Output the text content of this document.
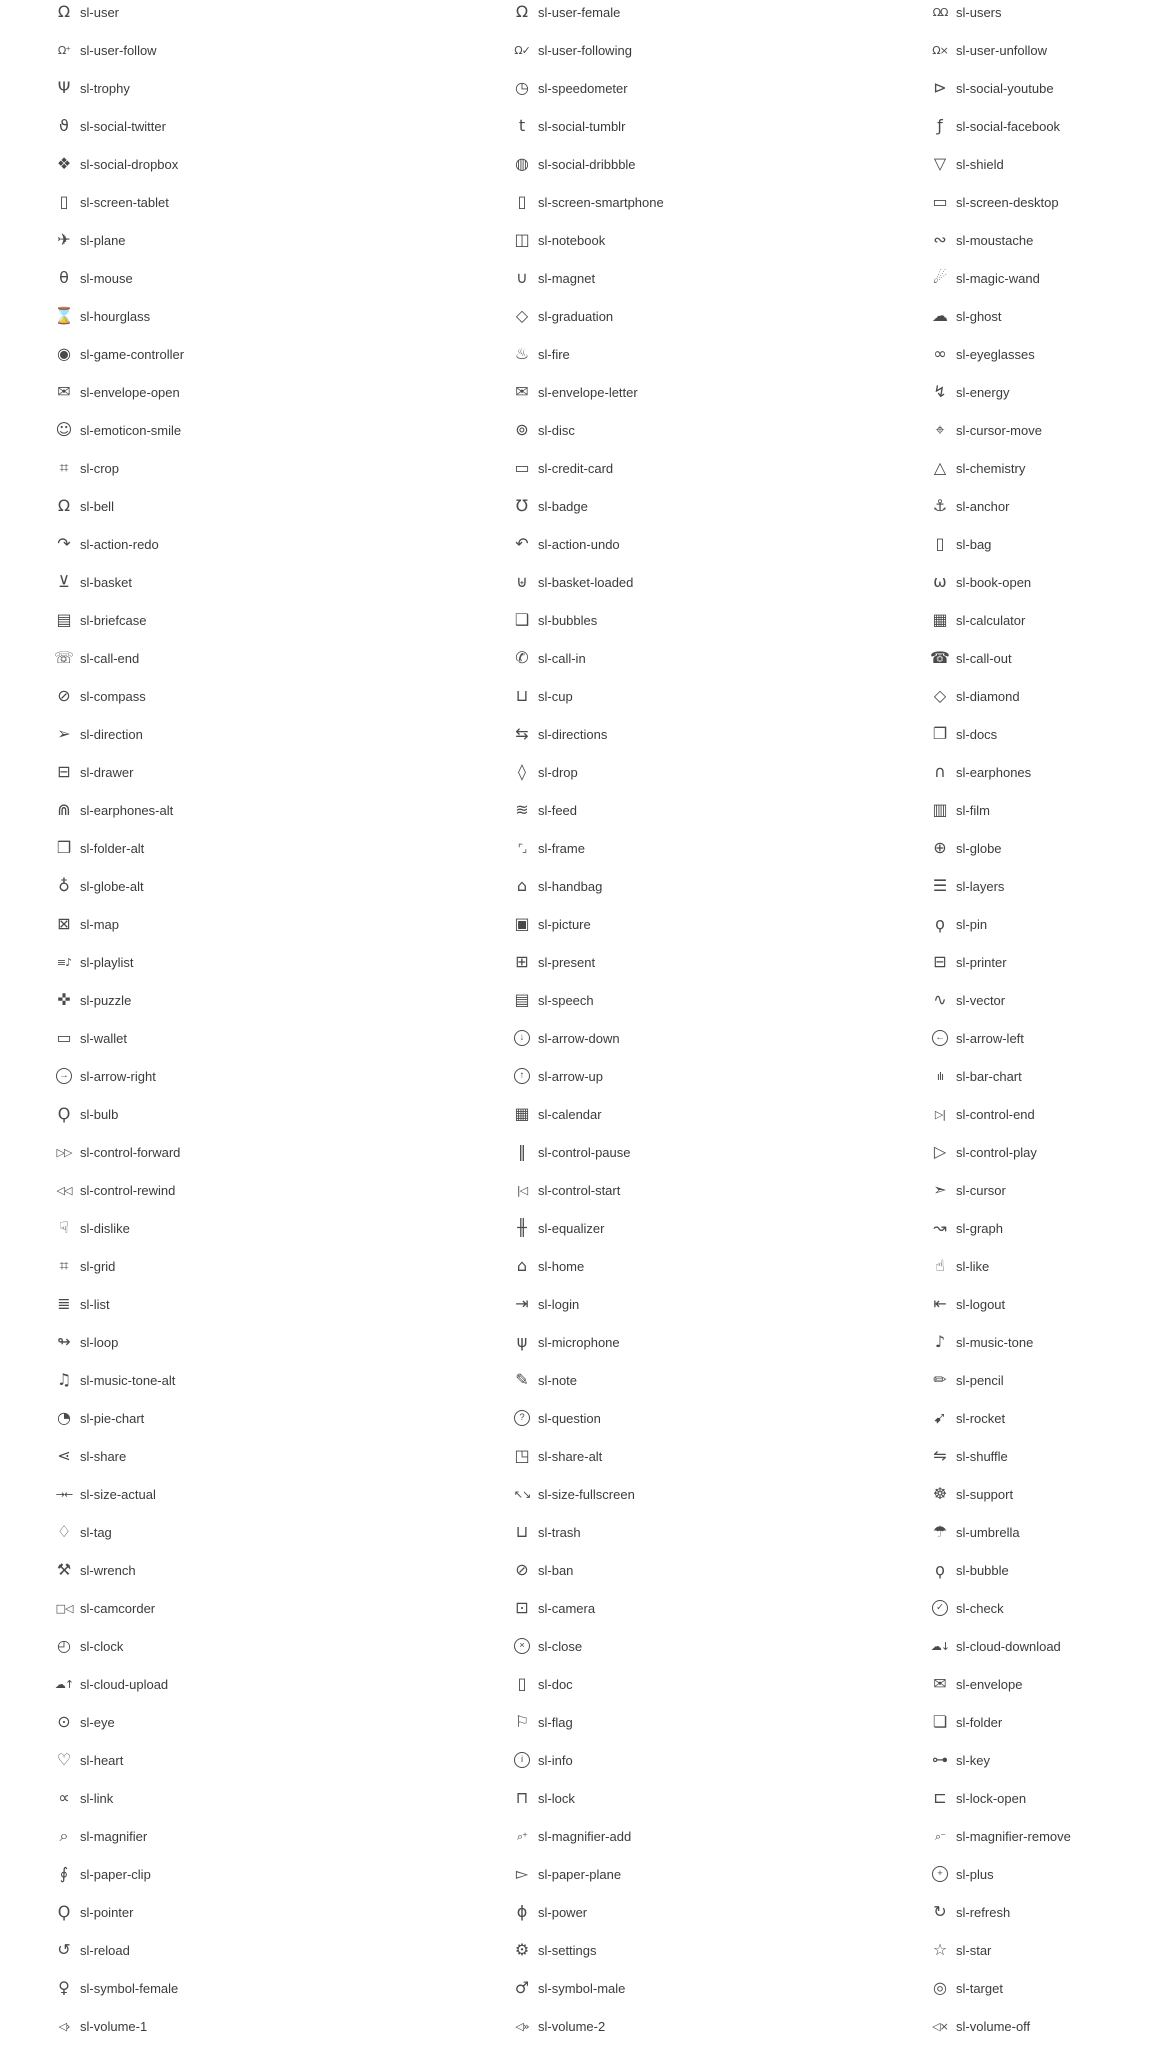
Ω sl-user
Ω⁺ sl-user-follow
Ψ sl-trophy
ϑ sl-social-twitter
❖ sl-social-dropbox
▯ sl-screen-tablet
✈ sl-plane
θ sl-mouse
⌛ sl-hourglass
◉ sl-game-controller
✉ sl-envelope-open
☺ sl-emoticon-smile
⌗ sl-crop
Ω sl-bell
↷ sl-action-redo
⊻ sl-basket
▤ sl-briefcase
☏ sl-call-end
⊘ sl-compass
➢ sl-direction
⊟ sl-drawer
⋒ sl-earphones-alt
❒ sl-folder-alt
♁ sl-globe-alt
⊠ sl-map
≡♪ sl-playlist
✜ sl-puzzle
▭ sl-wallet
→ sl-arrow-right
Ϙ sl-bulb
▷▷ sl-control-forward
◁◁ sl-control-rewind
☟ sl-dislike
⌗ sl-grid
≣ sl-list
↬ sl-loop
♫ sl-music-tone-alt
◔ sl-pie-chart
⋖ sl-share
→← sl-size-actual
♢ sl-tag
⚒ sl-wrench
□◁ sl-camcorder
◴ sl-clock
☁↑ sl-cloud-upload
⊙ sl-eye
♡ sl-heart
∝ sl-link
⌕ sl-magnifier
∮ sl-paper-clip
Ϙ sl-pointer
↺ sl-reload
♀ sl-symbol-female
◁› sl-volume-1
Ω sl-user-female
Ω✓ sl-user-following
◷ sl-speedometer
t sl-social-tumblr
◍ sl-social-dribbble
▯ sl-screen-smartphone
◫ sl-notebook
∪ sl-magnet
◇ sl-graduation
♨ sl-fire
✉ sl-envelope-letter
⊚ sl-disc
▭ sl-credit-card
℧ sl-badge
↶ sl-action-undo
⊎ sl-basket-loaded
❑ sl-bubbles
✆ sl-call-in
⊔ sl-cup
⇆ sl-directions
◊ sl-drop
≋ sl-feed
⌜⌟ sl-frame
⌂ sl-handbag
▣ sl-picture
⊞ sl-present
▤ sl-speech
↓	sl-arrow-down
↑	sl-arrow-up
▦ sl-calendar
‖ sl-control-pause
|◁ sl-control-start
╫ sl-equalizer
⌂ sl-home
⇥ sl-login
ψ sl-microphone
✎ sl-note
?	sl-question
◳ sl-share-alt
↖↘ sl-size-fullscreen
⊔ sl-trash
⊘ sl-ban
⊡ sl-camera
×	sl-close
▯ sl-doc
⚐ sl-flag
i	sl-info
⊓ sl-lock
⌕⁺ sl-magnifier-add
▻ sl-paper-plane
ϕ sl-power
⚙ sl-settings
♂ sl-symbol-male
◁» sl-volume-2
ΩΩ sl-users
Ω× sl-user-unfollow
⊳ sl-social-youtube
ƒ sl-social-facebook
▽ sl-shield
▭ sl-screen-desktop
∾ sl-moustache
☄ sl-magic-wand
☁ sl-ghost
∞ sl-eyeglasses
↯ sl-energy
⌖ sl-cursor-move
△ sl-chemistry
⚓ sl-anchor
▯ sl-bag
ω sl-book-open
▦ sl-calculator
☎ sl-call-out
◇ sl-diamond
❐ sl-docs
∩ sl-earphones
▥ sl-film
⊕ sl-globe
☰ sl-layers
ϙ sl-pin
⊟ sl-printer
∿ sl-vector
← sl-arrow-left
ılı sl-bar-chart
▷| sl-control-end
▷ sl-control-play
➣ sl-cursor
↝ sl-graph
☝ sl-like
⇤ sl-logout
♪ sl-music-tone
✏ sl-pencil
➹ sl-rocket
⇋ sl-shuffle
☸ sl-support
☂ sl-umbrella
ϙ sl-bubble
✓ sl-check
☁↓ sl-cloud-download
✉ sl-envelope
❏ sl-folder
⊶ sl-key
⊏ sl-lock-open
⌕⁻ sl-magnifier-remove
+	sl-plus
↻ sl-refresh
☆ sl-star
◎ sl-target
◁× sl-volume-off
